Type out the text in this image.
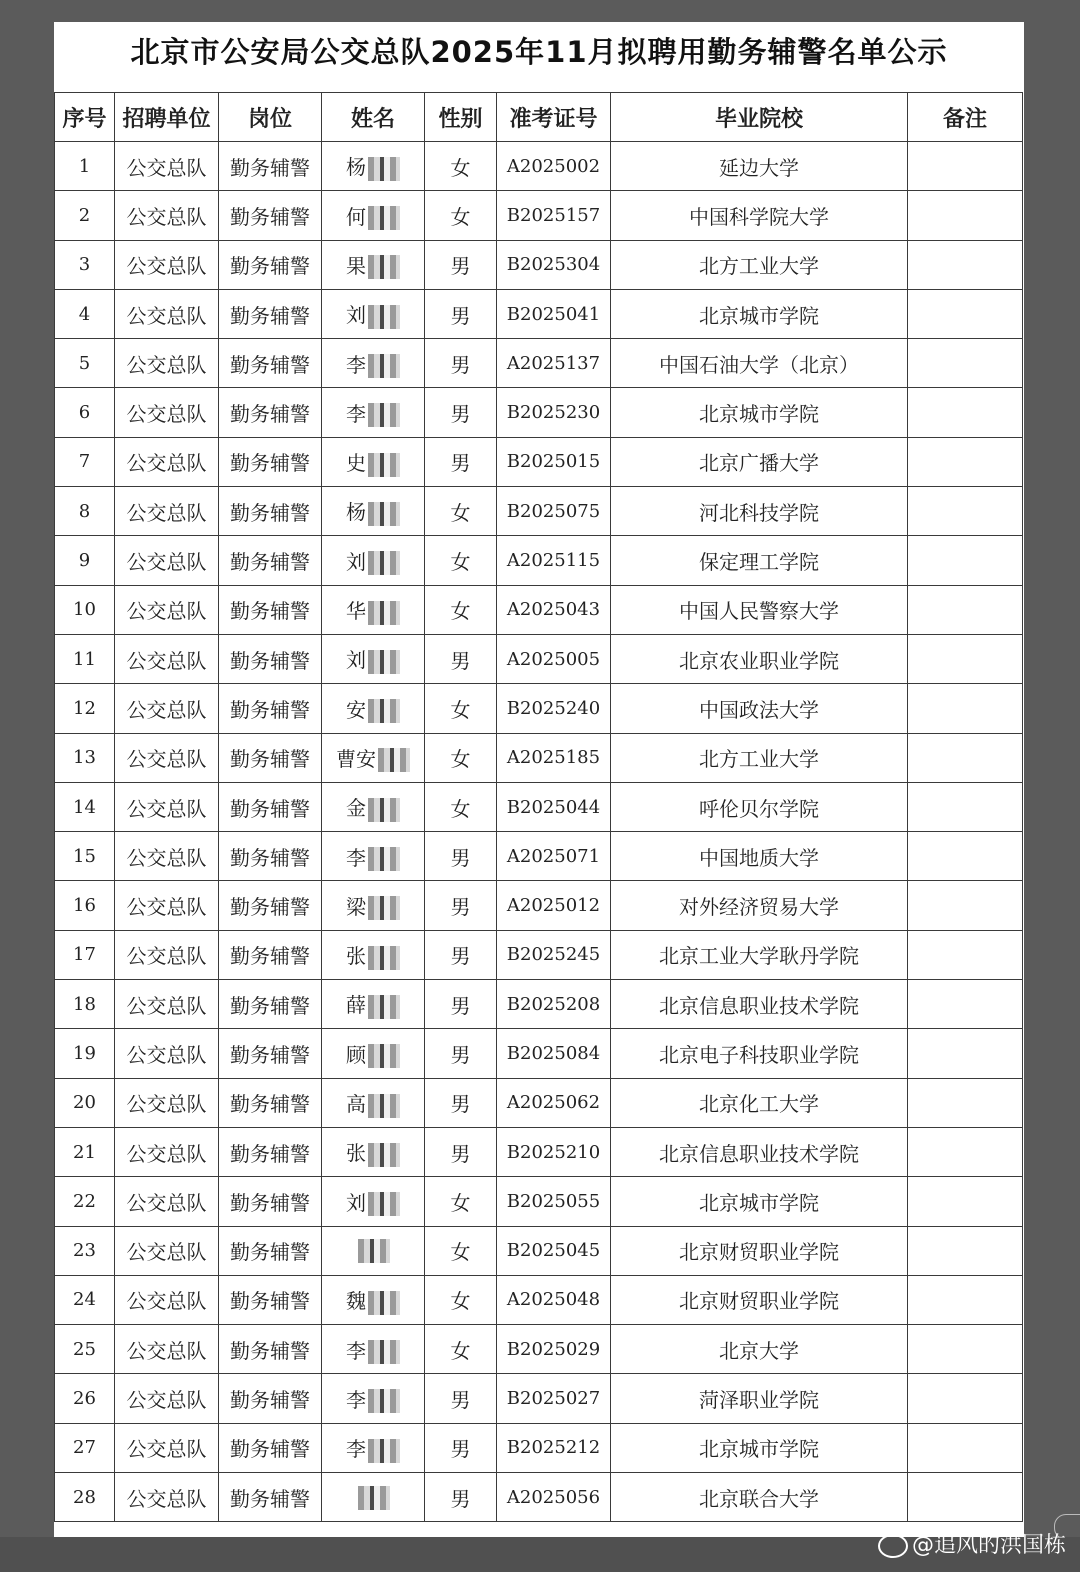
北京市公安局公交总队2025年11月拟聘用勤务辅警名单公示
序号	招聘单位	岗位	姓名	性别	准考证号	毕业院校	备注
1	公交总队	勤务辅警	杨	女	A2025002	延边大学	
2	公交总队	勤务辅警	何	女	B2025157	中国科学院大学	
3	公交总队	勤务辅警	果	男	B2025304	北方工业大学	
4	公交总队	勤务辅警	刘	男	B2025041	北京城市学院	
5	公交总队	勤务辅警	李	男	A2025137	中国石油大学（北京）	
6	公交总队	勤务辅警	李	男	B2025230	北京城市学院	
7	公交总队	勤务辅警	史	男	B2025015	北京广播大学	
8	公交总队	勤务辅警	杨	女	B2025075	河北科技学院	
9	公交总队	勤务辅警	刘	女	A2025115	保定理工学院	
10	公交总队	勤务辅警	华	女	A2025043	中国人民警察大学	
11	公交总队	勤务辅警	刘	男	A2025005	北京农业职业学院	
12	公交总队	勤务辅警	安	女	B2025240	中国政法大学	
13	公交总队	勤务辅警	曹安	女	A2025185	北方工业大学	
14	公交总队	勤务辅警	金	女	B2025044	呼伦贝尔学院	
15	公交总队	勤务辅警	李	男	A2025071	中国地质大学	
16	公交总队	勤务辅警	梁	男	A2025012	对外经济贸易大学	
17	公交总队	勤务辅警	张	男	B2025245	北京工业大学耿丹学院	
18	公交总队	勤务辅警	薛	男	B2025208	北京信息职业技术学院	
19	公交总队	勤务辅警	顾	男	B2025084	北京电子科技职业学院	
20	公交总队	勤务辅警	高	男	A2025062	北京化工大学	
21	公交总队	勤务辅警	张	男	B2025210	北京信息职业技术学院	
22	公交总队	勤务辅警	刘	女	B2025055	北京城市学院	
23	公交总队	勤务辅警		女	B2025045	北京财贸职业学院	
24	公交总队	勤务辅警	魏	女	A2025048	北京财贸职业学院	
25	公交总队	勤务辅警	李	女	B2025029	北京大学	
26	公交总队	勤务辅警	李	男	B2025027	菏泽职业学院	
27	公交总队	勤务辅警	李	男	B2025212	北京城市学院	
28	公交总队	勤务辅警		男	A2025056	北京联合大学	
@追风的洪国栋
